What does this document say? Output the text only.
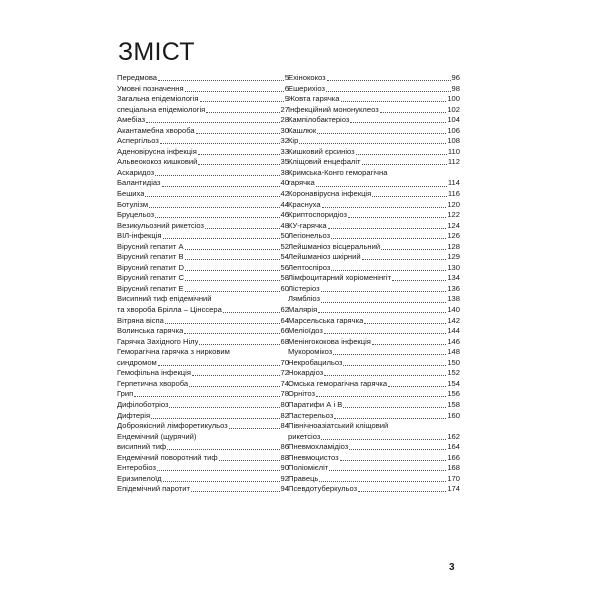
ЗМІСТ
Передмова	5
Умовні позначення	6
Загальна епідеміологія	9
спеціальна епідеміологія	27
Амебіаз	28
Акантамебна хвороба	30
Аспергільоз	32
Аденовірусна інфекція	33
Альвеококоз кишковий	35
Аскаридоз	38
Балантидіаз	40
Бешиха	42
Ботулізм	44
Бруцельоз	46
Везикульозний рикетсіоз	48
ВІЛ-інфекція	50
Вірусний гепатит А	52
Вірусний гепатит В	54
Вірусний гепатит D	56
Вірусний гепатит С	58
Вірусний гепатит Е	60
Висипний тиф епідемічний
та хвороба Брілла – Цінссера	62
Вітряна віспа	64
Волинська гарячка	66
Гарячка Західного Нілу	68
Геморагічна гарячка з нирковим
синдромом	70
Гемофільна інфекція	72
Герпетична хвороба	74
Грип	78
Дифілоботріоз	80
Дифтерія	82
Доброякісний лімфоретикульоз	84
Ендемічний (щурячий)
висипний тиф	86
Ендемічний поворотний тиф	88
Ентеробіоз	90
Еризипелоїд	92
Епідемічний паротит	94
Ехінококоз	96
Ешерихіоз	98
Жовта гарячка	100
Інфекційний мононуклеоз	102
Кампілобактеріоз	104
Кашлюк	106
Кір	108
Кишковий єрсиніоз	110
Кліщовий енцефаліт	112
Кримська-Конго геморагічна
гарячка	114
Коронавірусна інфекція	116
Краснуха	120
Криптоспоридіоз	122
КУ-гарячка	124
Легіонельоз	126
Лейшманіоз вісцеральний	128
Лейшманіоз шкірний	129
Лептоспіроз	130
Лімфоцитарний хоріоменінгіт	134
Лістеріоз	136
Лямбліоз	138
Малярія	140
Марсельська гарячка	142
Меліоїдоз	144
Менінгококова інфекція	146
Мукоромікоз	148
Некробацильоз	150
Нокардіоз	152
Омська геморагічна гарячка	154
Орнітоз	156
Паратифи А і В	158
Пастерельоз	160
Північноазіатський кліщовий
рикетсіоз	162
Пневмохламідіоз	164
Пневмоцистоз	166
Поліомієліт	168
Правець	170
Псевдотуберкульоз	174
3
